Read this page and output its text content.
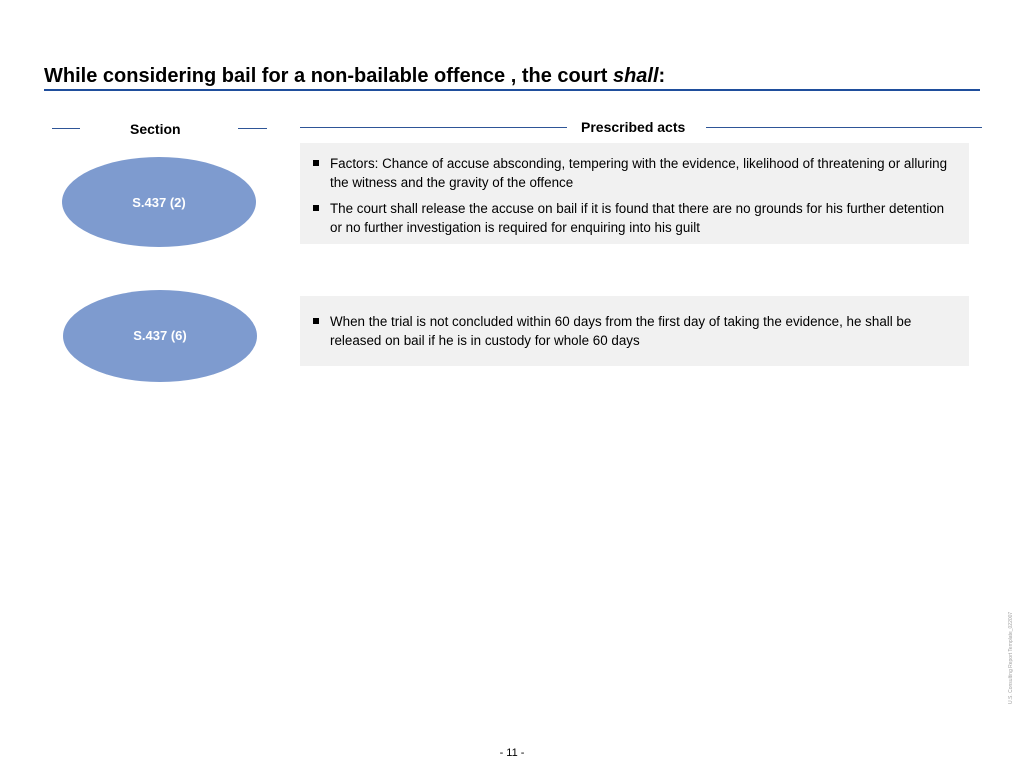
While considering bail for a non-bailable offence , the court shall:
Section	Prescribed acts
S.437 (2)
Factors: Chance of accuse absconding, tempering with the evidence, likelihood of threatening or alluring the witness and the gravity of the offence
The court shall release the accuse on bail if it is found that there are no grounds for his further detention or no further investigation is required for enquiring into his guilt
S.437 (6)
When the trial is not concluded within 60 days from the first day of taking the evidence, he shall be released on bail if he is in custody for whole 60 days
- 11 -
U.S. Consulting Report Template_022007
